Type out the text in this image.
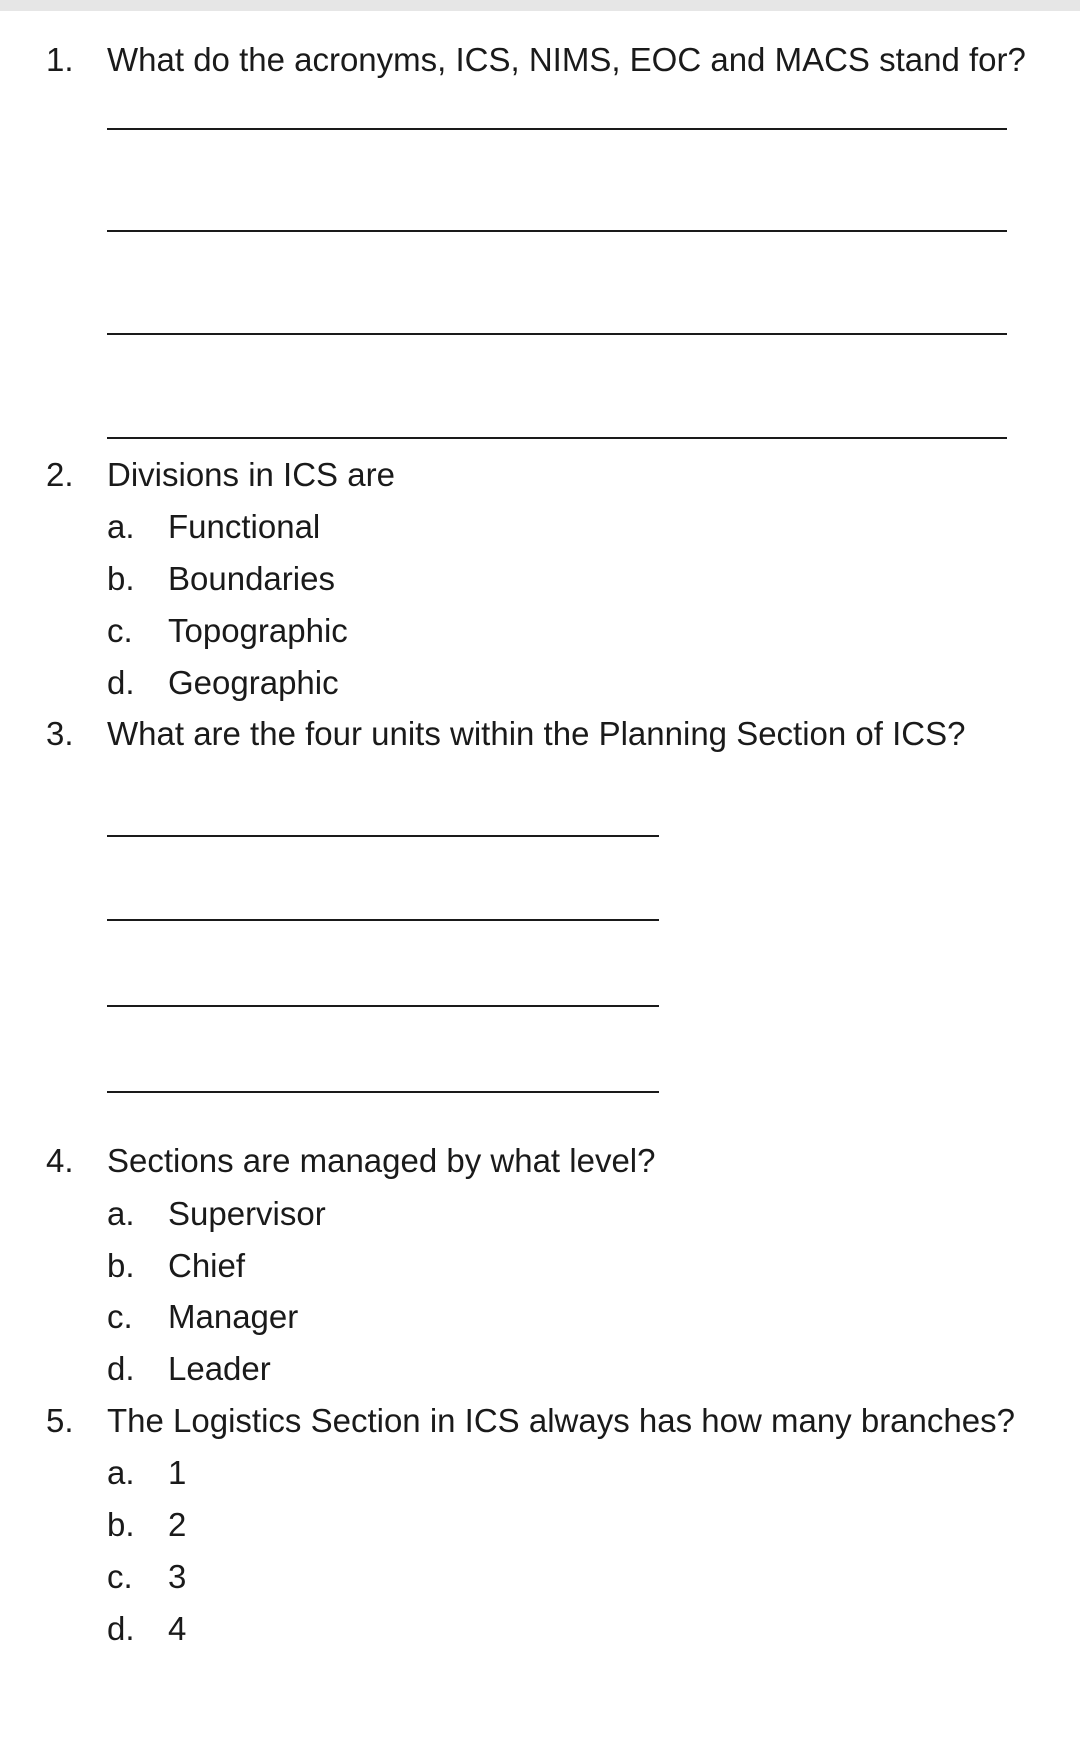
1. What do the acronyms, ICS, NIMS, EOC and MACS stand for?
2. Divisions in ICS are
a. Functional
b. Boundaries
c. Topographic
d. Geographic
3. What are the four units within the Planning Section of ICS?
4. Sections are managed by what level?
a. Supervisor
b. Chief
c. Manager
d. Leader
5. The Logistics Section in ICS always has how many branches?
a. 1
b. 2
c. 3
d. 4
